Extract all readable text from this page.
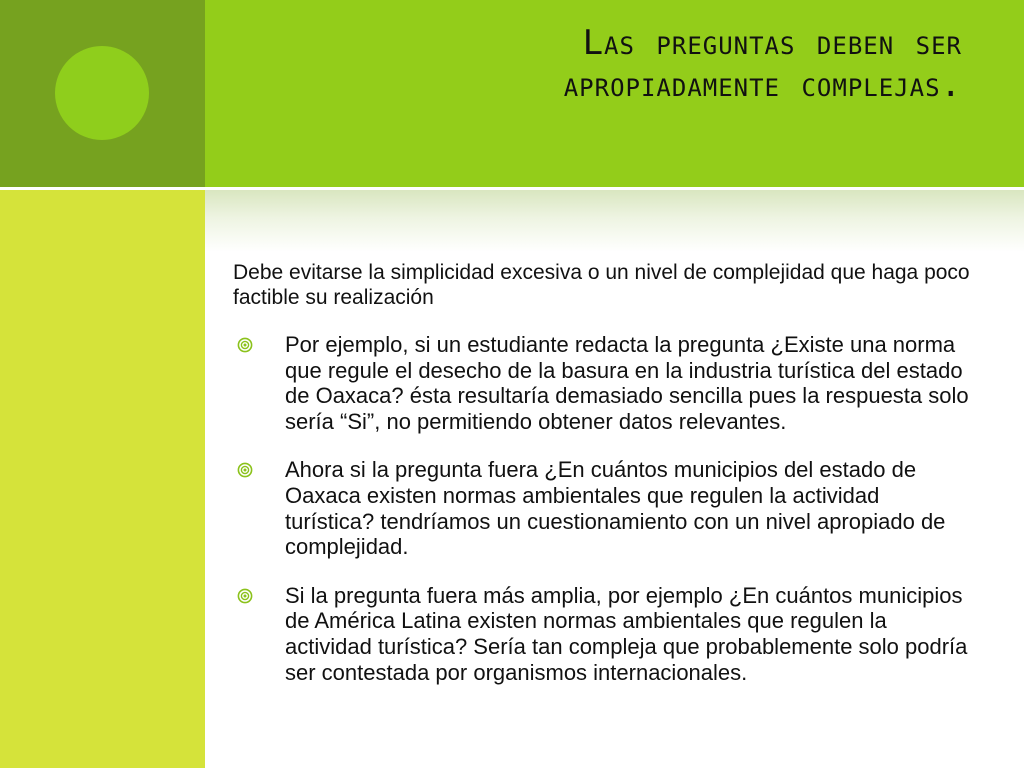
Las preguntas deben ser
apropiadamente complejas.

Debe evitarse la simplicidad excesiva o un nivel de complejidad que haga poco factible su realización

Por ejemplo, si un estudiante redacta la pregunta ¿Existe una norma que regule el desecho de la basura en la industria turística del estado de Oaxaca? ésta resultaría demasiado sencilla pues la respuesta solo sería “Si”, no permitiendo obtener datos relevantes.
Ahora si la pregunta fuera ¿En cuántos municipios del estado de Oaxaca existen normas ambientales que regulen la actividad turística? tendríamos un cuestionamiento con un nivel apropiado de complejidad.
Si la pregunta fuera más amplia, por ejemplo ¿En cuántos municipios de América Latina existen normas ambientales que regulen la actividad turística? Sería tan compleja que probablemente solo podría ser contestada por organismos internacionales.
